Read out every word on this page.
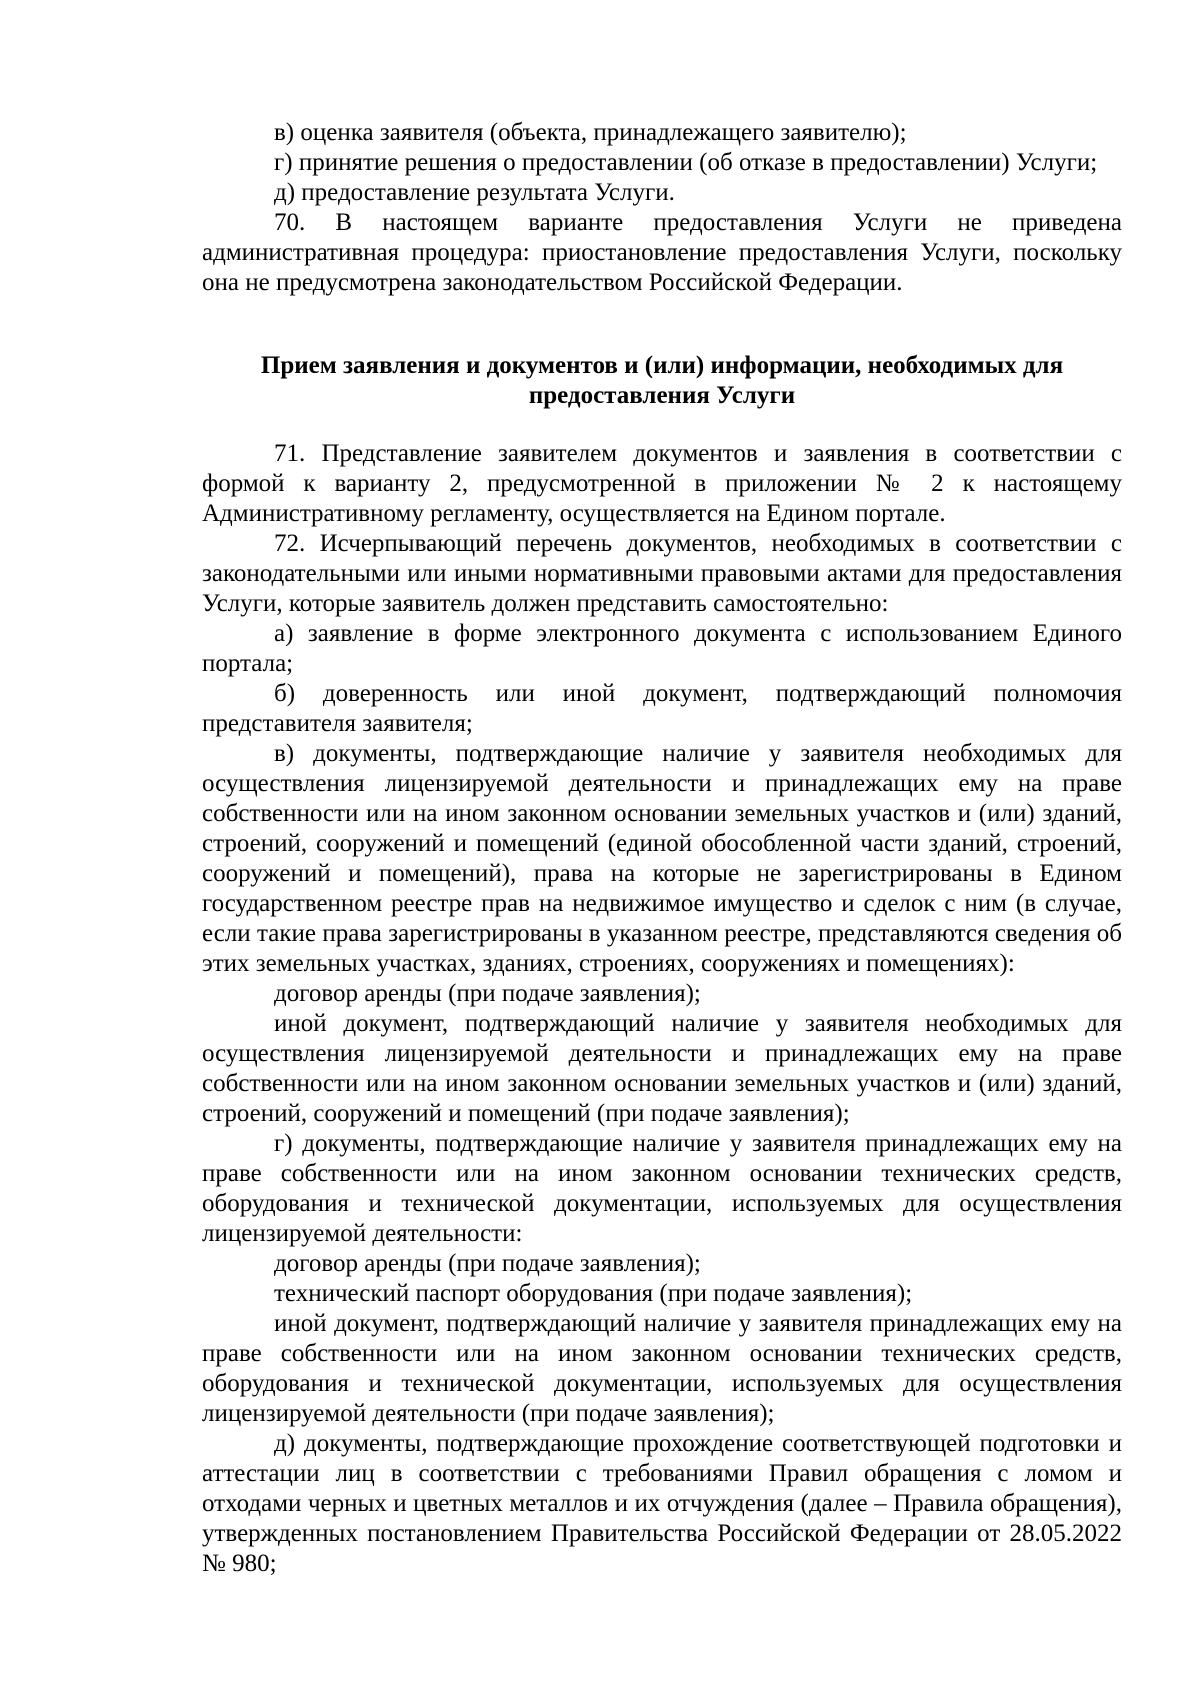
в) оценка заявителя (объекта, принадлежащего заявителю);

г) принятие решения о предоставлении (об отказе в предоставлении) Услуги;

д) предоставление результата Услуги.

70. В настоящем варианте предоставления Услуги не приведена административная процедура: приостановление предоставления Услуги, поскольку она не предусмотрена законодательством Российской Федерации.

Прием заявления и документов и (или) информации, необходимых для
предоставления Услуги

71. Представление заявителем документов и заявления в соответствии с формой к варианту 2, предусмотренной в приложении № 2 к настоящему Административному регламенту, осуществляется на Едином портале.

72. Исчерпывающий перечень документов, необходимых в соответствии с законодательными или иными нормативными правовыми актами для предоставления Услуги, которые заявитель должен представить самостоятельно:

а) заявление в форме электронного документа с использованием Единого портала;

б) доверенность или иной документ, подтверждающий полномочия представителя заявителя;

в) документы, подтверждающие наличие у заявителя необходимых для осуществления лицензируемой деятельности и принадлежащих ему на праве собственности или на ином законном основании земельных участков и (или) зданий, строений, сооружений и помещений (единой обособленной части зданий, строений, сооружений и помещений), права на которые не зарегистрированы в Едином государственном реестре прав на недвижимое имущество и сделок с ним (в случае, если такие права зарегистрированы в указанном реестре, представляются сведения об этих земельных участках, зданиях, строениях, сооружениях и помещениях):

договор аренды (при подаче заявления);

иной документ, подтверждающий наличие у заявителя необходимых для осуществления лицензируемой деятельности и принадлежащих ему на праве собственности или на ином законном основании земельных участков и (или) зданий, строений, сооружений и помещений (при подаче заявления);

г) документы, подтверждающие наличие у заявителя принадлежащих ему на праве собственности или на ином законном основании технических средств, оборудования и технической документации, используемых для осуществления лицензируемой деятельности:

договор аренды (при подаче заявления);

технический паспорт оборудования (при подаче заявления);

иной документ, подтверждающий наличие у заявителя принадлежащих ему на праве собственности или на ином законном основании технических средств, оборудования и технической документации, используемых для осуществления лицензируемой деятельности (при подаче заявления);

д) документы, подтверждающие прохождение соответствующей подготовки и аттестации лиц в соответствии с требованиями Правил обращения с ломом и отходами черных и цветных металлов и их отчуждения (далее – Правила обращения), утвержденных постановлением Правительства Российской Федерации от 28.05.2022 № 980;
